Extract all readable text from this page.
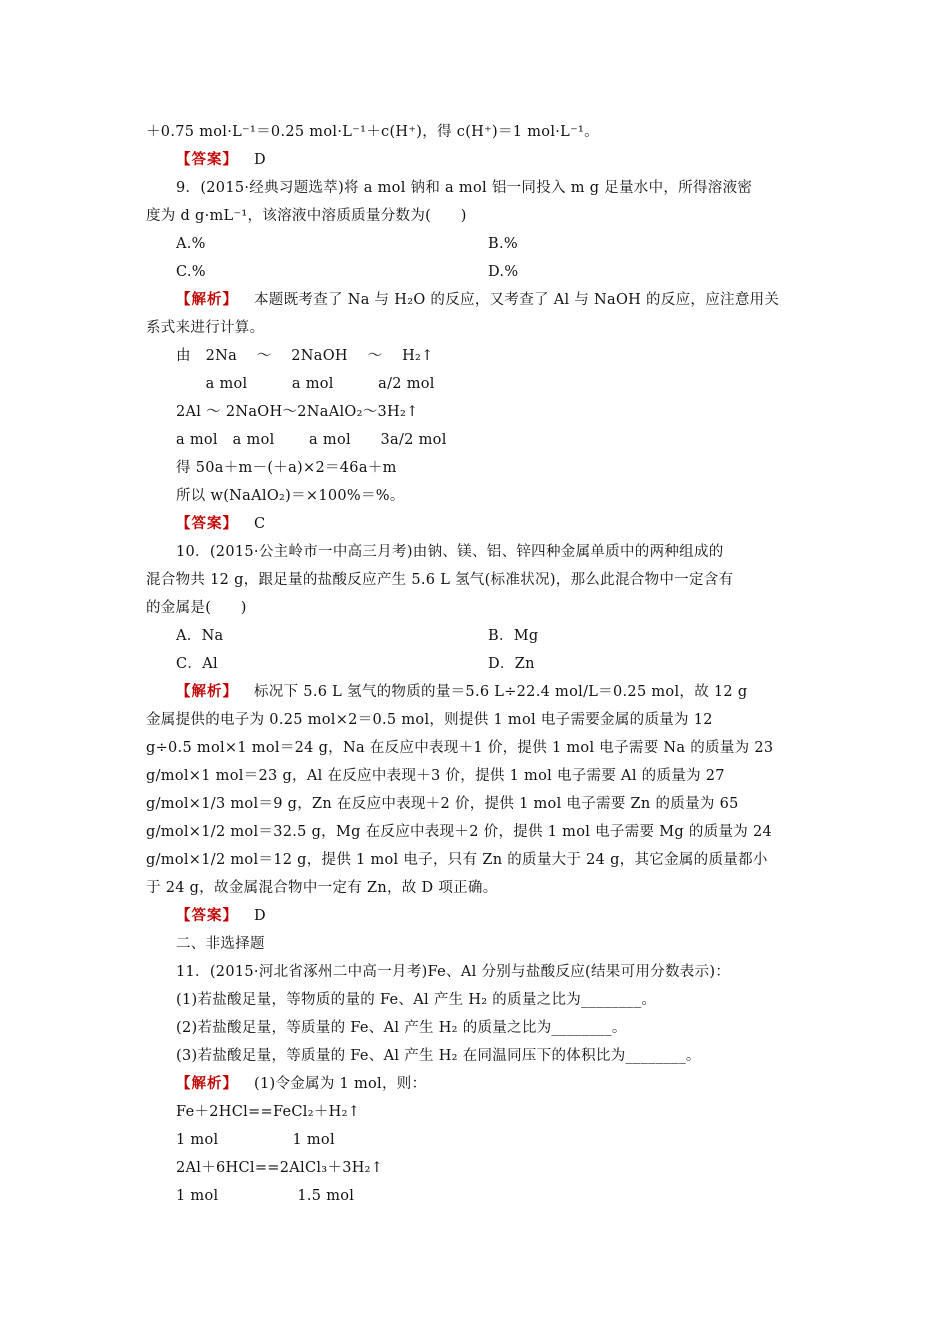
＋0.75 mol·L⁻¹＝0.25 mol·L⁻¹＋c(H⁺)，得 c(H⁺)＝1 mol·L⁻¹。
【 答案 】 D
9．(2015·经典习题选萃)将 a mol 钠和 a mol 铝一同投入 m g 足量水中，所得溶液密
度为 d g·mL⁻¹，该溶液中溶质质量分数为(　　)
A.%	B.%
C.%	D.%
【 解析 】 本题既考查了 Na 与 H₂O 的反应，又考查了 Al 与 NaOH 的反应，应注意用关
系式来进行计算。
由　2Na　 ～　 2NaOH　 ～　 H₂↑
　　a mol　　　a mol　　　a/2 mol
2Al ～ 2NaOH～2NaAlO₂～3H₂↑
a mol　a mol　　 a mol　　3a/2 mol
得 50a＋m－(＋a)×2＝46a＋m
所以 w(NaAlO₂)＝×100%＝%。
【 答案 】 C
10．(2015·公主岭市一中高三月考)由钠、镁、铝、锌四种金属单质中的两种组成的
混合物共 12 g，跟足量的盐酸反应产生 5.6 L 氢气(标准状况)，那么此混合物中一定含有
的金属是(　　)
A．Na	B．Mg
C．Al	D．Zn
【 解析 】 标况下 5.6 L 氢气的物质的量＝5.6 L÷22.4 mol/L＝0.25 mol，故 12 g
金属提供的电子为 0.25 mol×2＝0.5 mol，则提供 1 mol 电子需要金属的质量为 12
g÷0.5 mol×1 mol＝24 g，Na 在反应中表现＋1 价，提供 1 mol 电子需要 Na 的质量为 23
g/mol×1 mol＝23 g，Al 在反应中表现＋3 价，提供 1 mol 电子需要 Al 的质量为 27
g/mol×1/3 mol＝9 g，Zn 在反应中表现＋2 价，提供 1 mol 电子需要 Zn 的质量为 65
g/mol×1/2 mol＝32.5 g，Mg 在反应中表现＋2 价，提供 1 mol 电子需要 Mg 的质量为 24
g/mol×1/2 mol＝12 g，提供 1 mol 电子，只有 Zn 的质量大于 24 g，其它金属的质量都小
于 24 g，故金属混合物中一定有 Zn，故 D 项正确。
【 答案 】 D
二、非选择题
11．(2015·河北省涿州二中高一月考)Fe、Al 分别与盐酸反应(结果可用分数表示)：
(1)若盐酸足量，等物质的量的 Fe、Al 产生 H₂ 的质量之比为________。
(2)若盐酸足量，等质量的 Fe、Al 产生 H₂ 的质量之比为________。
(3)若盐酸足量，等质量的 Fe、Al 产生 H₂ 在同温同压下的体积比为________。
【 解析 】 (1)令金属为 1 mol，则：
Fe＋2HCl==FeCl₂＋H₂↑
1 mol　　　　　1 mol
2Al＋6HCl==2AlCl₃＋3H₂↑
1 mol　　　　　 1.5 mol
